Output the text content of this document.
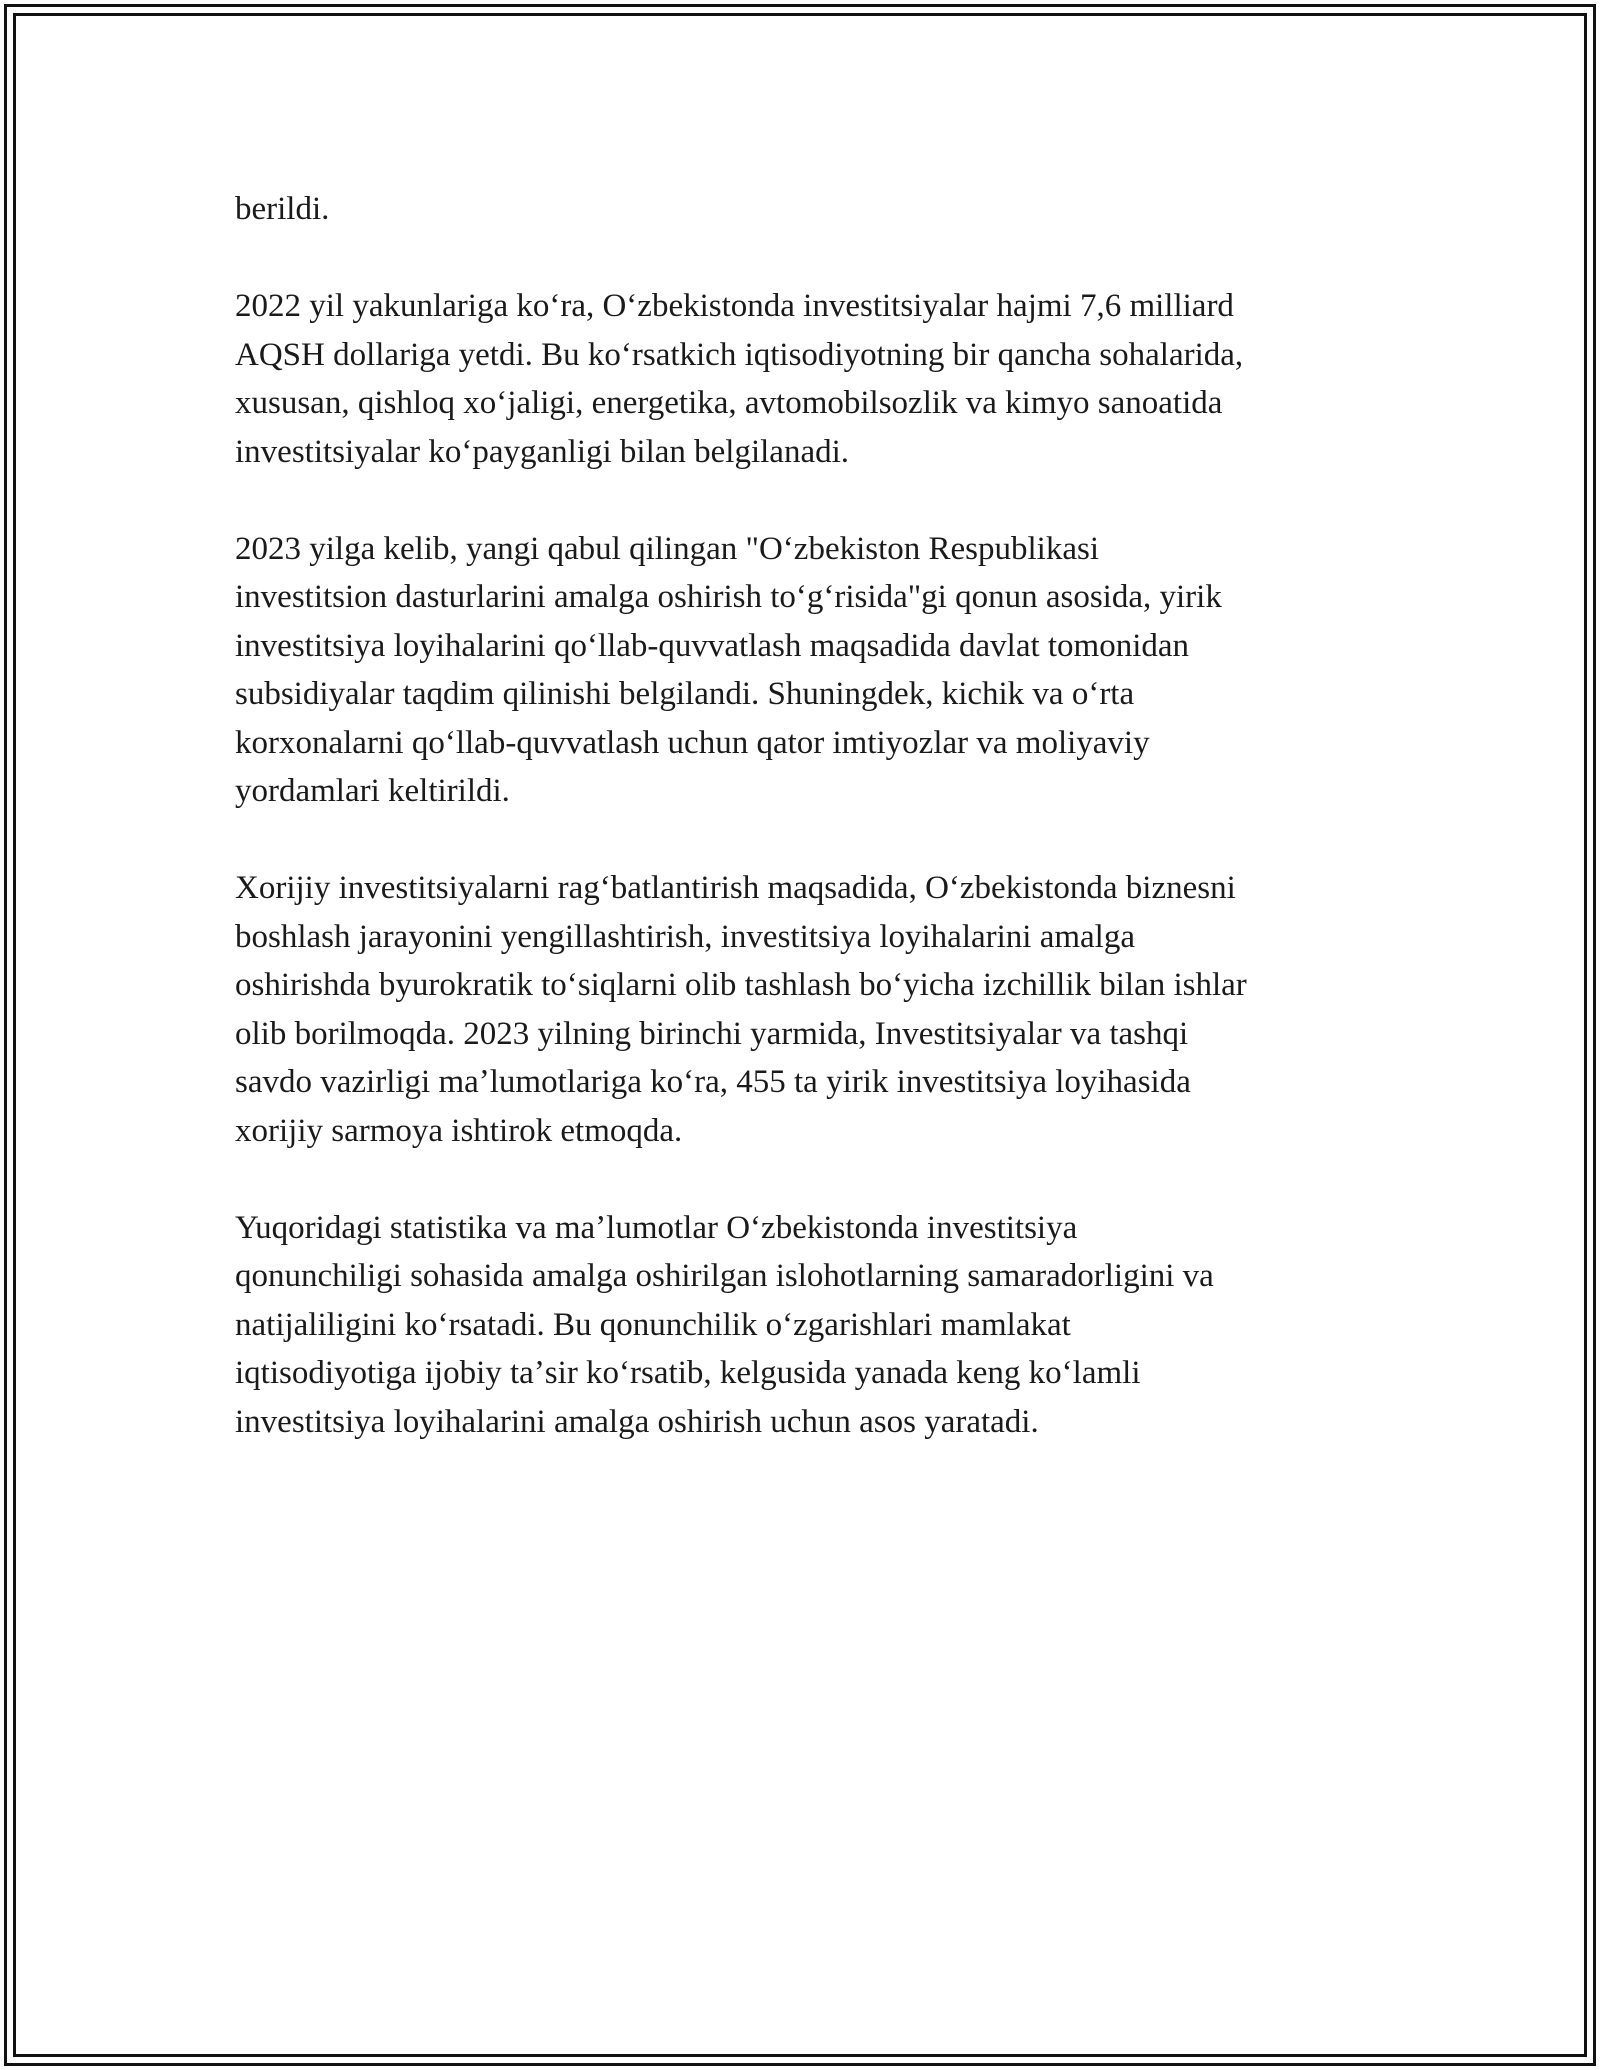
berildi.

2022 yil yakunlariga koʻra, Oʻzbekistonda investitsiyalar hajmi 7,6 milliard
AQSH dollariga yetdi. Bu koʻrsatkich iqtisodiyotning bir qancha sohalarida,
xususan, qishloq xoʻjaligi, energetika, avtomobilsozlik va kimyo sanoatida
investitsiyalar koʻpayganligi bilan belgilanadi.

2023 yilga kelib, yangi qabul qilingan "Oʻzbekiston Respublikasi
investitsion dasturlarini amalga oshirish toʻgʻrisida"gi qonun asosida, yirik
investitsiya loyihalarini qoʻllab-quvvatlash maqsadida davlat tomonidan
subsidiyalar taqdim qilinishi belgilandi. Shuningdek, kichik va oʻrta
korxonalarni qoʻllab-quvvatlash uchun qator imtiyozlar va moliyaviy
yordamlari keltirildi.

Xorijiy investitsiyalarni ragʻbatlantirish maqsadida, Oʻzbekistonda biznesni
boshlash jarayonini yengillashtirish, investitsiya loyihalarini amalga
oshirishda byurokratik toʻsiqlarni olib tashlash boʻyicha izchillik bilan ishlar
olib borilmoqda. 2023 yilning birinchi yarmida, Investitsiyalar va tashqi
savdo vazirligi maʼlumotlariga koʻra, 455 ta yirik investitsiya loyihasida
xorijiy sarmoya ishtirok etmoqda.

Yuqoridagi statistika va maʼlumotlar Oʻzbekistonda investitsiya
qonunchiligi sohasida amalga oshirilgan islohotlarning samaradorligini va
natijaliligini koʻrsatadi. Bu qonunchilik oʻzgarishlari mamlakat
iqtisodiyotiga ijobiy taʼsir koʻrsatib, kelgusida yanada keng koʻlamli
investitsiya loyihalarini amalga oshirish uchun asos yaratadi.
